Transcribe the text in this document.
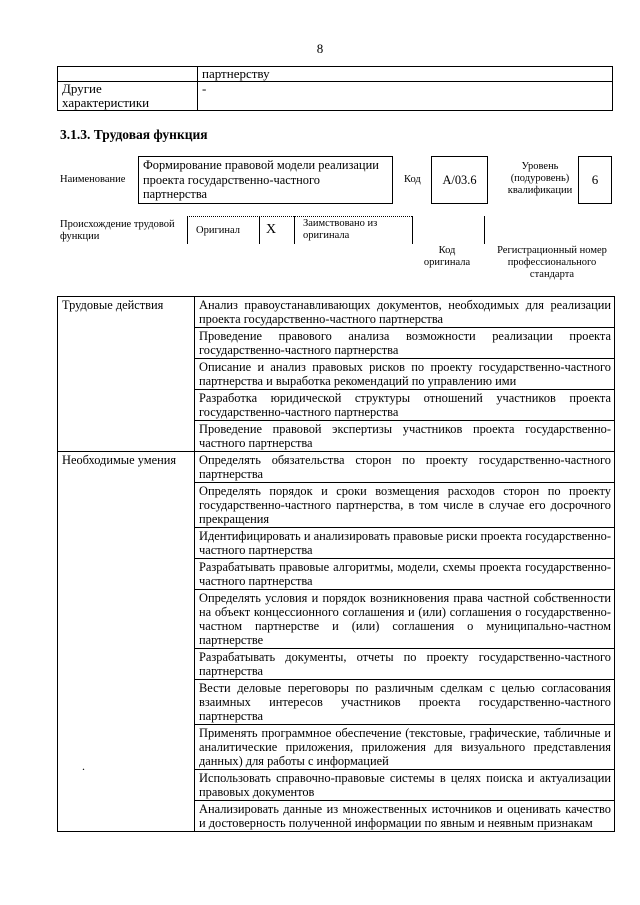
8
	партнерству

Другие
характеристики	-
3.1.3. Трудовая функция
Наименование
Формирование правовой модели реализации
проекта государственно-частного
партнерства
Код	A/03.6
Уровень
(подуровень)
квалификации
6
Происхождение трудовой
функции
Оригинал X	Заимствовано из
оригинала
Код
оригинала
Регистрационный номер
профессионального
стандарта
Трудовые действия	Анализ правоустанавливающих документов, необходимых для реализации проекта государственно-частного партнерства
	Проведение правового анализа возможности реализации проекта государственно-частного партнерства
	Описание и анализ правовых рисков по проекту государственно-частного партнерства и выработка рекомендаций по управлению ими
	Разработка юридической структуры отношений участников проекта государственно-частного партнерства
	Проведение правовой экспертизы участников проекта государственно-частного партнерства
Необходимые умения	Определять обязательства сторон по проекту государственно-частного партнерства
	Определять порядок и сроки возмещения расходов сторон по проекту государственно-частного партнерства, в том числе в случае его досрочного прекращения
	Идентифицировать и анализировать правовые риски проекта государственно-частного партнерства
	Разрабатывать правовые алгоритмы, модели, схемы проекта государственно-частного партнерства
	Определять условия и порядок возникновения права частной собственности на объект концессионного соглашения и (или) соглашения о государственно-частном партнерстве и (или) соглашения о муниципально-частном партнерстве
	Разрабатывать документы, отчеты по проекту государственно-частного партнерства
	Вести деловые переговоры по различным сделкам с целью согласования взаимных интересов участников проекта государственно-частного партнерства
	Применять программное обеспечение (текстовые, графические, табличные и аналитические приложения, приложения для визуального представления данных) для работы с информацией
	Использовать справочно-правовые системы в целях поиска и актуализации правовых документов
	Анализировать данные из множественных источников и оценивать качество и достоверность полученной информации по явным и неявным признакам
.
